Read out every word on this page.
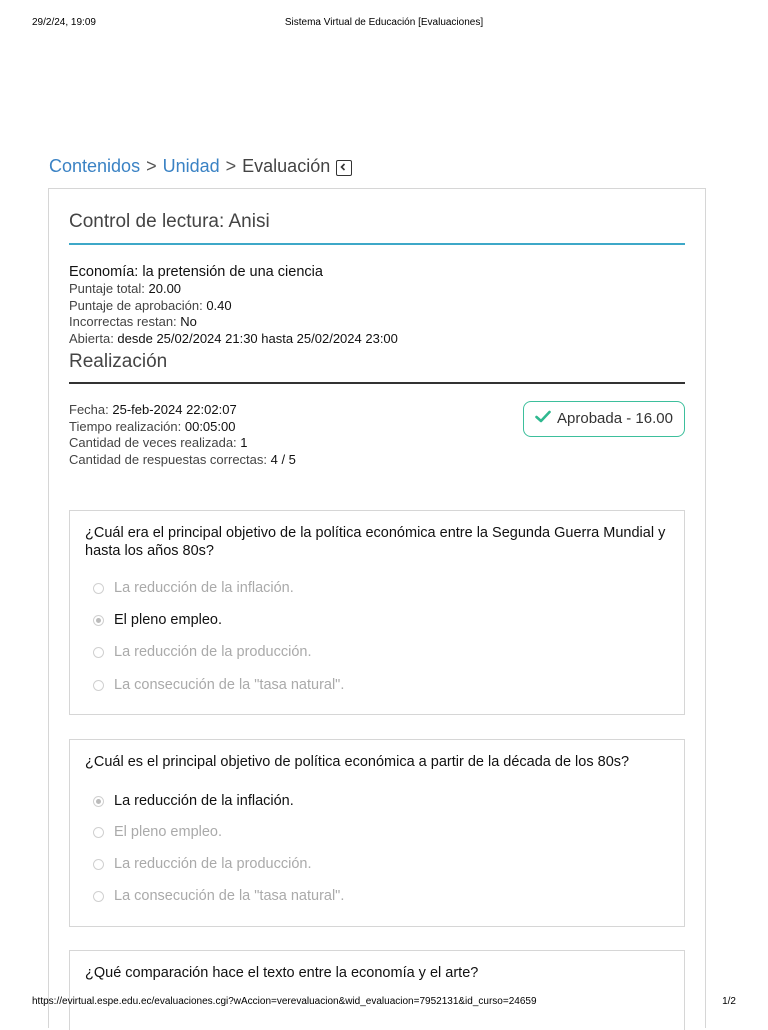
29/2/24, 19:09	Sistema Virtual de Educación [Evaluaciones]
Contenidos > Unidad > Evaluación
Control de lectura: Anisi
Economía: la pretensión de una ciencia
Puntaje total: 20.00
Puntaje de aprobación: 0.40
Incorrectas restan: No
Abierta: desde 25/02/2024 21:30 hasta 25/02/2024 23:00
Realización
Fecha: 25-feb-2024 22:02:07
Tiempo realización: 00:05:00
Cantidad de veces realizada: 1
Cantidad de respuestas correctas: 4 / 5
Aprobada - 16.00
¿Cuál era el principal objetivo de la política económica entre la Segunda Guerra Mundial y hasta los años 80s?
La reducción de la inflación.
El pleno empleo.
La reducción de la producción.
La consecución de la "tasa natural".
¿Cuál es el principal objetivo de política económica a partir de la década de los 80s?
La reducción de la inflación.
El pleno empleo.
La reducción de la producción.
La consecución de la "tasa natural".
¿Qué comparación hace el texto entre la economía y el arte?
https://evirtual.espe.edu.ec/evaluaciones.cgi?wAccion=verevaluacion&wid_evaluacion=7952131&id_curso=24659	1/2
